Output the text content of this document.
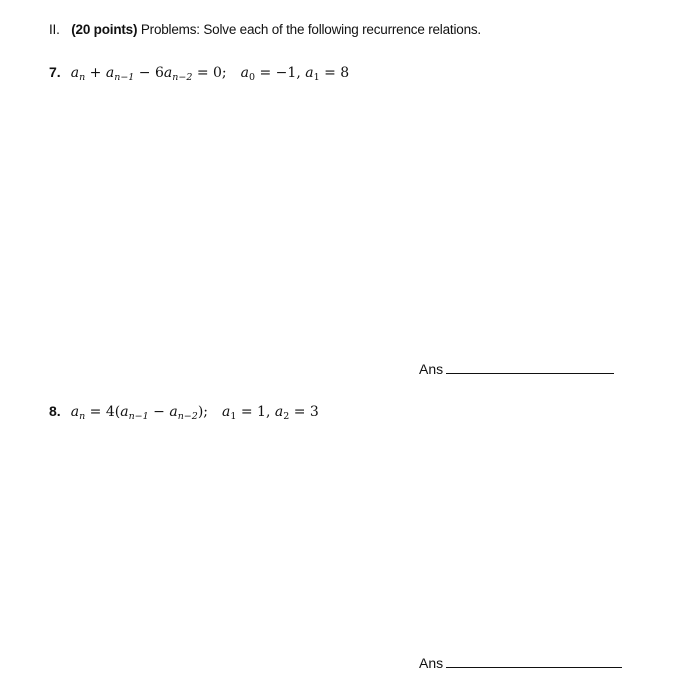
II. (20 points) Problems: Solve each of the following recurrence relations.
7. $a_n + a_{n-1} - 6a_{n-2} = 0$; $a_0 = -1$, $a_1 = 8$
Ans
8. $a_n = 4(a_{n-1} - a_{n-2})$; $a_1 = 1$, $a_2 = 3$
Ans
